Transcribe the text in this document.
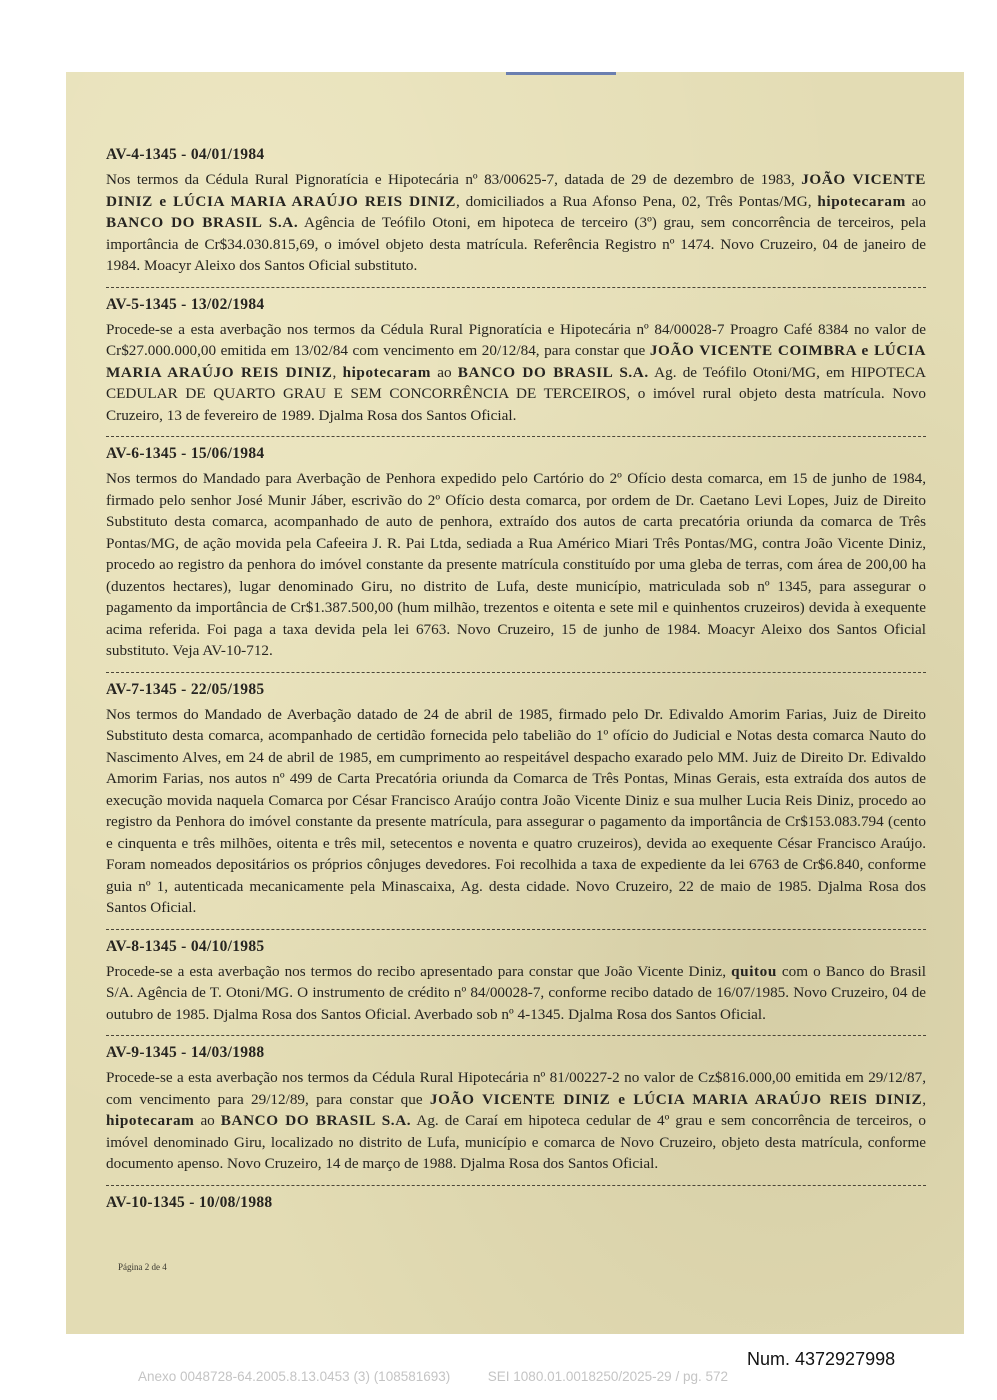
AV-4-1345 - 04/01/1984

Nos termos da Cédula Rural Pignoratícia e Hipotecária nº 83/00625-7, datada de 29 de dezembro de 1983, JOÃO VICENTE DINIZ e LÚCIA MARIA ARAÚJO REIS DINIZ, domiciliados a Rua Afonso Pena, 02, Três Pontas/MG, hipotecaram ao BANCO DO BRASIL S.A. Agência de Teófilo Otoni, em hipoteca de terceiro (3º) grau, sem concorrência de terceiros, pela importância de Cr$34.030.815,69, o imóvel objeto desta matrícula. Referência Registro nº 1474. Novo Cruzeiro, 04 de janeiro de 1984. Moacyr Aleixo dos Santos Oficial substituto.

AV-5-1345 - 13/02/1984

Procede-se a esta averbação nos termos da Cédula Rural Pignoratícia e Hipotecária nº 84/00028-7 Proagro Café 8384 no valor de Cr$27.000.000,00 emitida em 13/02/84 com vencimento em 20/12/84, para constar que JOÃO VICENTE COIMBRA e LÚCIA MARIA ARAÚJO REIS DINIZ, hipotecaram ao BANCO DO BRASIL S.A. Ag. de Teófilo Otoni/MG, em HIPOTECA CEDULAR DE QUARTO GRAU E SEM CONCORRÊNCIA DE TERCEIROS, o imóvel rural objeto desta matrícula. Novo Cruzeiro, 13 de fevereiro de 1989. Djalma Rosa dos Santos Oficial.

AV-6-1345 - 15/06/1984

Nos termos do Mandado para Averbação de Penhora expedido pelo Cartório do 2º Ofício desta comarca, em 15 de junho de 1984, firmado pelo senhor José Munir Jáber, escrivão do 2º Ofício desta comarca, por ordem de Dr. Caetano Levi Lopes, Juiz de Direito Substituto desta comarca, acompanhado de auto de penhora, extraído dos autos de carta precatória oriunda da comarca de Três Pontas/MG, de ação movida pela Cafeeira J. R. Pai Ltda, sediada a Rua Américo Miari Três Pontas/MG, contra João Vicente Diniz, procedo ao registro da penhora do imóvel constante da presente matrícula constituído por uma gleba de terras, com área de 200,00 ha (duzentos hectares), lugar denominado Giru, no distrito de Lufa, deste município, matriculada sob nº 1345, para assegurar o pagamento da importância de Cr$1.387.500,00 (hum milhão, trezentos e oitenta e sete mil e quinhentos cruzeiros) devida à exequente acima referida. Foi paga a taxa devida pela lei 6763. Novo Cruzeiro, 15 de junho de 1984. Moacyr Aleixo dos Santos Oficial substituto. Veja AV-10-712.

AV-7-1345 - 22/05/1985

Nos termos do Mandado de Averbação datado de 24 de abril de 1985, firmado pelo Dr. Edivaldo Amorim Farias, Juiz de Direito Substituto desta comarca, acompanhado de certidão fornecida pelo tabelião do 1º ofício do Judicial e Notas desta comarca Nauto do Nascimento Alves, em 24 de abril de 1985, em cumprimento ao respeitável despacho exarado pelo MM. Juiz de Direito Dr. Edivaldo Amorim Farias, nos autos nº 499 de Carta Precatória oriunda da Comarca de Três Pontas, Minas Gerais, esta extraída dos autos de execução movida naquela Comarca por César Francisco Araújo contra João Vicente Diniz e sua mulher Lucia Reis Diniz, procedo ao registro da Penhora do imóvel constante da presente matrícula, para assegurar o pagamento da importância de Cr$153.083.794 (cento e cinquenta e três milhões, oitenta e três mil, setecentos e noventa e quatro cruzeiros), devida ao exequente César Francisco Araújo. Foram nomeados depositários os próprios cônjuges devedores. Foi recolhida a taxa de expediente da lei 6763 de Cr$6.840, conforme guia nº 1, autenticada mecanicamente pela Minascaixa, Ag. desta cidade. Novo Cruzeiro, 22 de maio de 1985. Djalma Rosa dos Santos Oficial.

AV-8-1345 - 04/10/1985

Procede-se a esta averbação nos termos do recibo apresentado para constar que João Vicente Diniz, quitou com o Banco do Brasil S/A. Agência de T. Otoni/MG. O instrumento de crédito nº 84/00028-7, conforme recibo datado de 16/07/1985. Novo Cruzeiro, 04 de outubro de 1985. Djalma Rosa dos Santos Oficial. Averbado sob nº 4-1345. Djalma Rosa dos Santos Oficial.

AV-9-1345 - 14/03/1988

Procede-se a esta averbação nos termos da Cédula Rural Hipotecária nº 81/00227-2 no valor de Cz$816.000,00 emitida em 29/12/87, com vencimento para 29/12/89, para constar que JOÃO VICENTE DINIZ e LÚCIA MARIA ARAÚJO REIS DINIZ, hipotecaram ao BANCO DO BRASIL S.A. Ag. de Caraí em hipoteca cedular de 4º grau e sem concorrência de terceiros, o imóvel denominado Giru, localizado no distrito de Lufa, município e comarca de Novo Cruzeiro, objeto desta matrícula, conforme documento apenso. Novo Cruzeiro, 14 de março de 1988. Djalma Rosa dos Santos Oficial.

AV-10-1345 - 10/08/1988
Página 2 de 4
Num. 4372927998
Anexo 0048728-64.2005.8.13.0453 (3) (108581693)	SEI 1080.01.0018250/2025-29 / pg. 572
